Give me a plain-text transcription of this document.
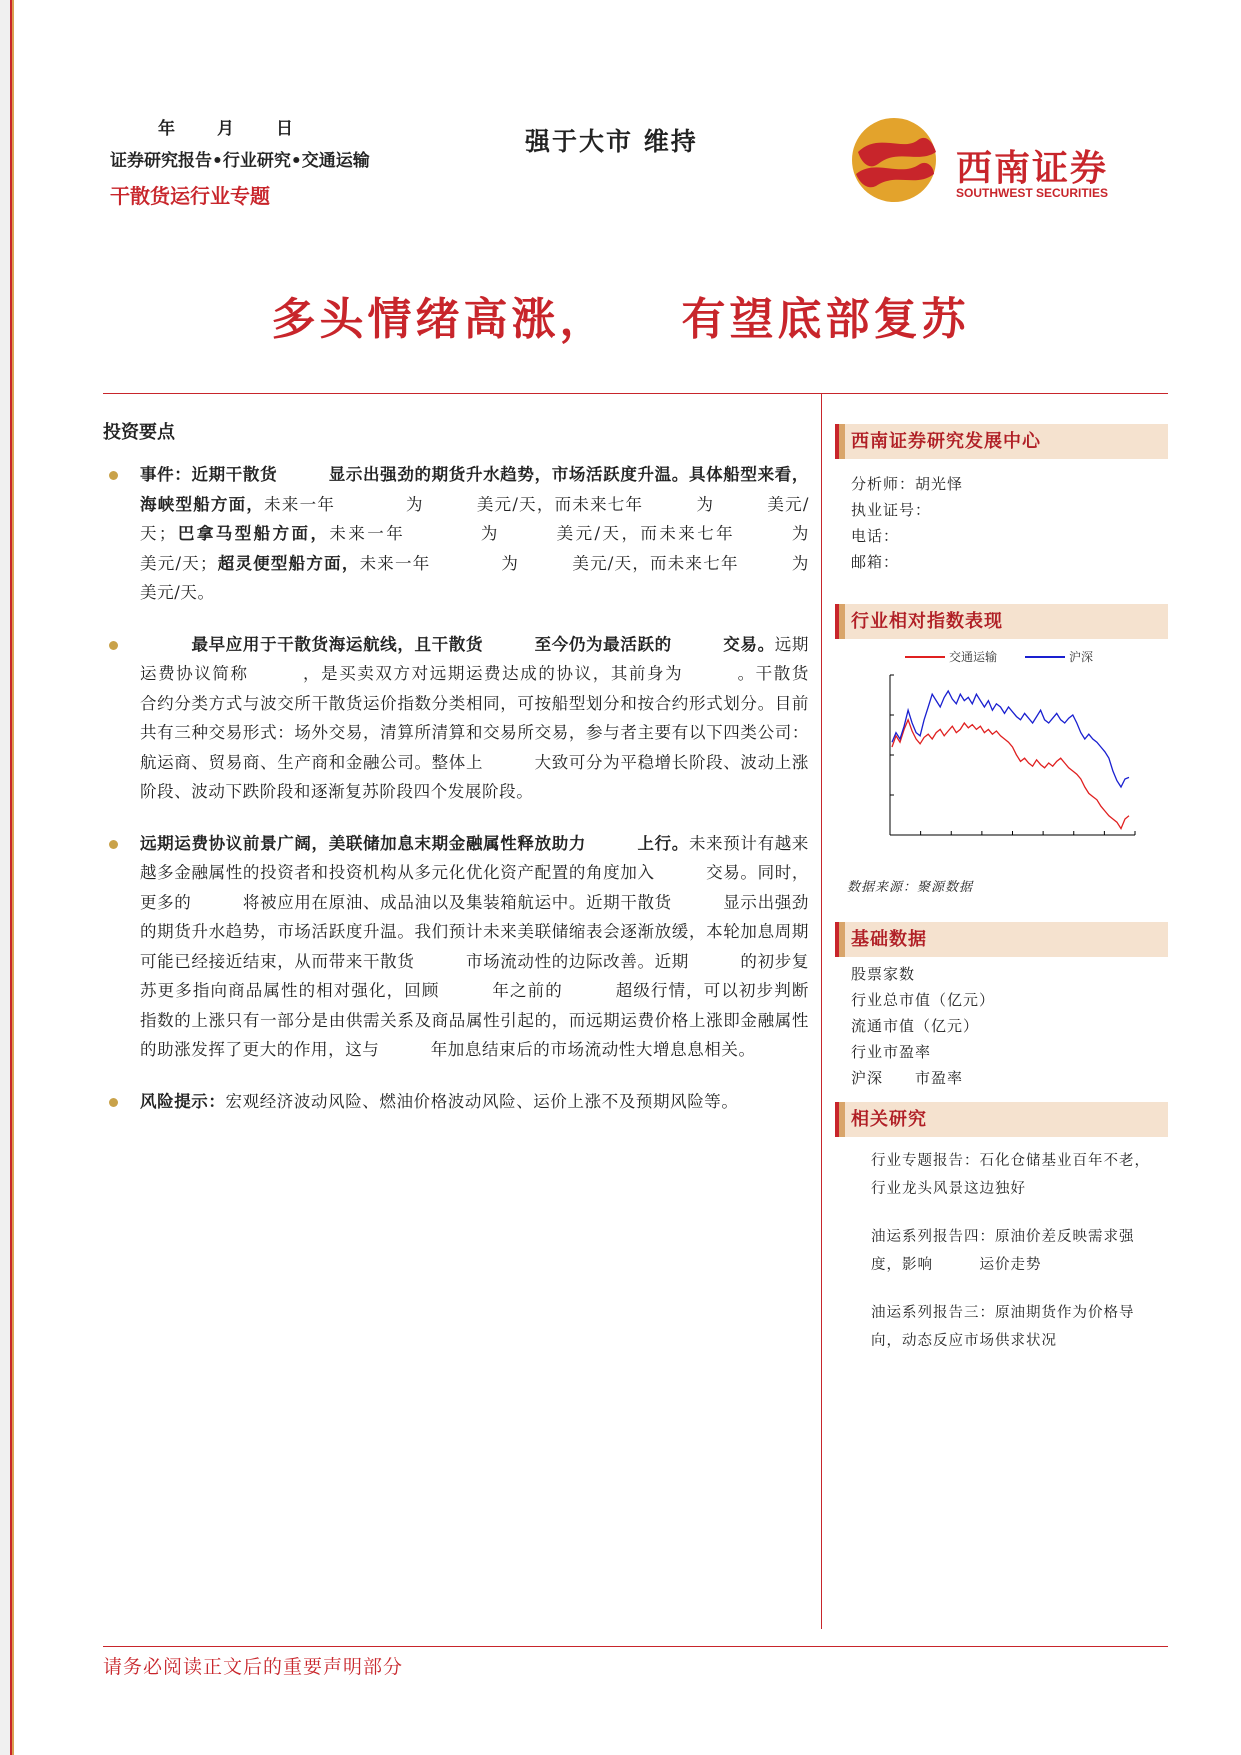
年 月 日
证券研究报告•行业研究•交通运输
干散货运行业专题
强于大市 维持
西南证券
SOUTHWEST SECURITIES
多头情绪高涨，　　有望底部复苏
投资要点
事件：近期干散货　　　显示出强劲的期货升水趋势，市场活跃度升温。具体船型来看，海峡型船方面，未来一年　　　　为　　　美元/天，而未来七年　　　为　　　美元/天；巴拿马型船方面，未来一年　　　　为　　　美元/天，而未来七年　　　为　　　美元/天；超灵便型船方面，未来一年　　　　为　　　美元/天，而未来七年　　　为　　　美元/天。
　　　最早应用于干散货海运航线，且干散货　　　至今仍为最活跃的　　　交易。远期运费协议简称　　　，是买卖双方对远期运费达成的协议，其前身为　　　。干散货　　　合约分类方式与波交所干散货运价指数分类相同，可按船型划分和按合约形式划分。目前　　　共有三种交易形式：场外交易，清算所清算和交易所交易，参与者主要有以下四类公司：航运商、贸易商、生产商和金融公司。整体上　　　大致可分为平稳增长阶段、波动上涨阶段、波动下跌阶段和逐渐复苏阶段四个发展阶段。
远期运费协议前景广阔，美联储加息末期金融属性释放助力　　　上行。未来预计有越来越多金融属性的投资者和投资机构从多元化优化资产配置的角度加入　　　交易。同时，更多的　　　将被应用在原油、成品油以及集装箱航运中。近期干散货　　　显示出强劲的期货升水趋势，市场活跃度升温。我们预计未来美联储缩表会逐渐放缓，本轮加息周期可能已经接近结束，从而带来干散货　　　市场流动性的边际改善。近期　　　的初步复苏更多指向商品属性的相对强化，回顾　　　年之前的　　　超级行情，可以初步判断　　　指数的上涨只有一部分是由供需关系及商品属性引起的，而远期运费价格上涨即金融属性的助涨发挥了更大的作用，这与　　　年加息结束后的市场流动性大增息息相关。
风险提示：宏观经济波动风险、燃油价格波动风险、运价上涨不及预期风险等。
西南证券研究发展中心
分析师：胡光怿
执业证号：
电话：
邮箱：
行业相对指数表现
交通运输	沪深
数据来源：聚源数据
基础数据
股票家数
行业总市值（亿元）
流通市值（亿元）
行业市盈率
沪深　　市盈率
相关研究
行业专题报告：石化仓储基业百年不老，行业龙头风景这边独好
油运系列报告四：原油价差反映需求强度，影响　　　运价走势
油运系列报告三：原油期货作为价格导向，动态反应市场供求状况
请务必阅读正文后的重要声明部分
